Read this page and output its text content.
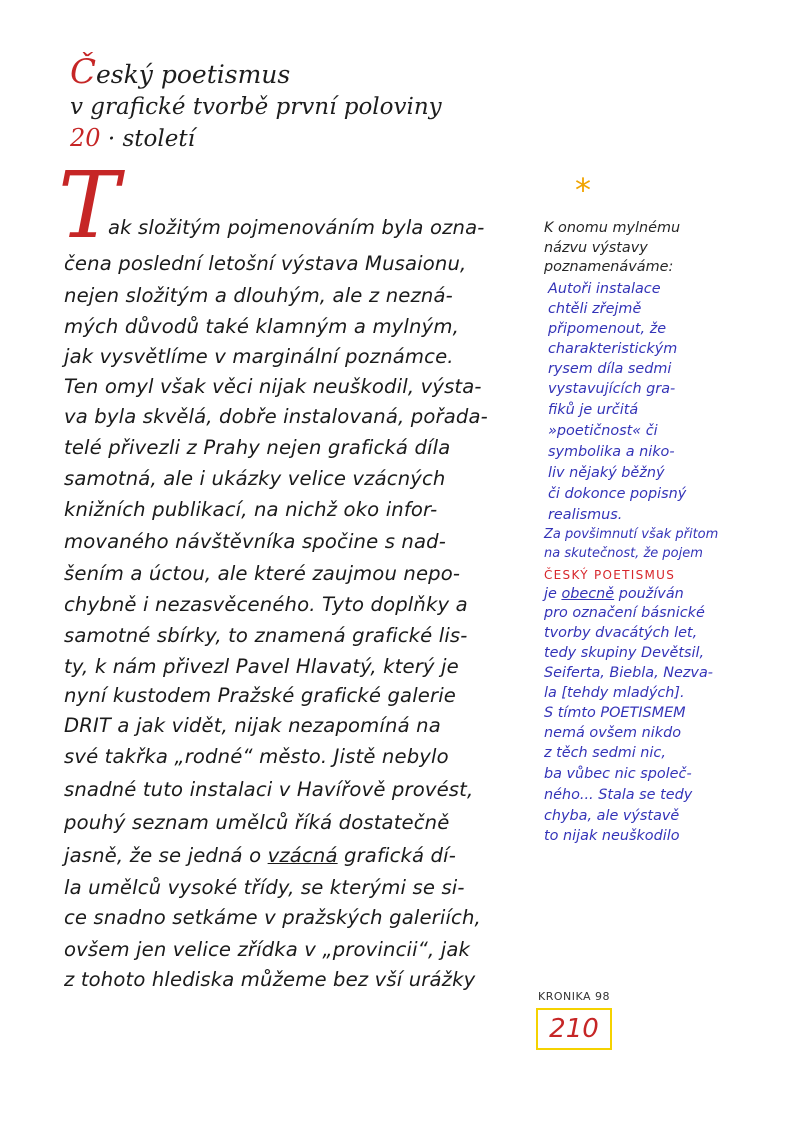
Český poetismus
v grafické tvorbě první poloviny
20 · století
T
ak složitým pojmenováním byla ozna-
čena poslední letošní výstava Musaionu,
nejen složitým a dlouhým, ale z nezná-
mých důvodů také klamným a mylným,
jak vysvětlíme v marginální poznámce.
Ten omyl však věci nijak neuškodil, výsta-
va byla skvělá, dobře instalovaná, pořada-
telé přivezli z Prahy nejen grafická díla
samotná, ale i ukázky velice vzácných
knižních publikací, na nichž oko infor-
movaného návštěvníka spočine s nad-
šením a úctou, ale které zaujmou nepo-
chybně i nezasvěceného. Tyto doplňky a
samotné sbírky, to znamená grafické lis-
ty, k nám přivezl Pavel Hlavatý, který je
nyní kustodem Pražské grafické galerie
DRIT a jak vidět, nijak nezapomíná na
své takřka „rodné“ město. Jistě nebylo
snadné tuto instalaci v Havířově provést,
pouhý seznam umělců říká dostatečně
jasně, že se jedná o vzácná grafická dí-
la umělců vysoké třídy, se kterými se si-
ce snadno setkáme v pražských galeriích,
ovšem jen velice zřídka v „provincii“, jak
z tohoto hlediska můžeme bez vší urážky
*
K onomu mylnému
názvu výstavy
poznamenáváme:
Autoři instalace
chtěli zřejmě
připomenout, že
charakteristickým
rysem díla sedmi
vystavujících gra-
fiků je určitá
»poetičnost« či
symbolika a niko-
liv nějaký běžný
či dokonce popisný
realismus.
Za povšimnutí však přitom
na skutečnost, že pojem
ČESKÝ POETISMUS
je obecně používán
pro označení básnické
tvorby dvacátých let,
tedy skupiny Devětsil,
Seiferta, Biebla, Nezva-
la [tehdy mladých].
S tímto POETISMEM
nemá ovšem nikdo
z těch sedmi nic,
ba vůbec nic společ-
ného... Stala se tedy
chyba, ale výstavě
to nijak neuškodilo
KRONIKA 98
210
